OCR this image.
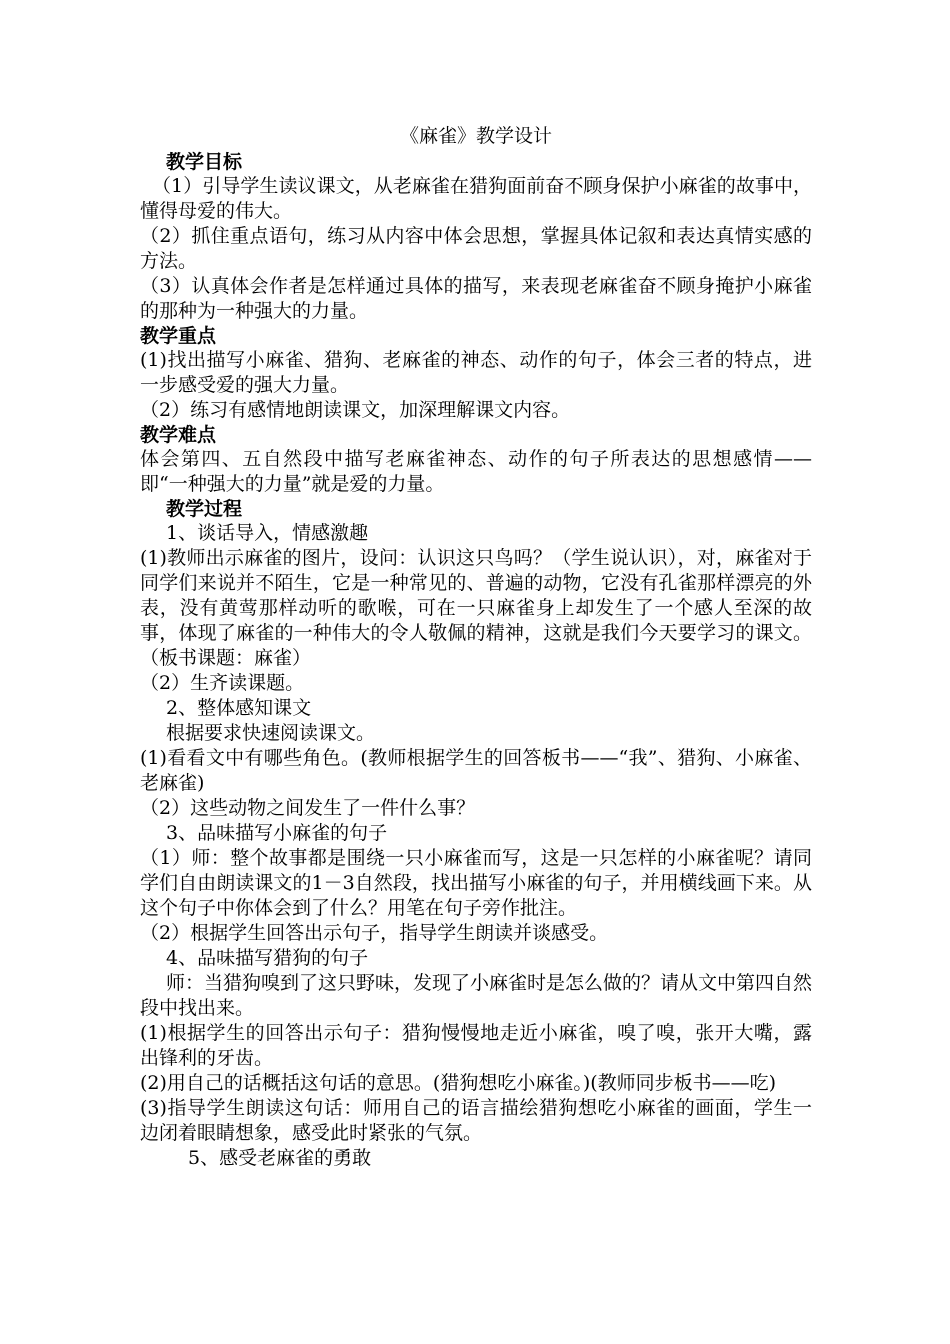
《麻雀》教学设计
教学目标

（1）引导学生读议课文，从老麻雀在猎狗面前奋不顾身保护小麻雀的故事中，懂得母爱的伟大。

（2）抓住重点语句，练习从内容中体会思想，掌握具体记叙和表达真情实感的方法。

（3）认真体会作者是怎样通过具体的描写，来表现老麻雀奋不顾身掩护小麻雀的那种为一种强大的力量。

教学重点

(1)找出描写小麻雀、猎狗、老麻雀的神态、动作的句子，体会三者的特点，进一步感受爱的强大力量。

（2）练习有感情地朗读课文，加深理解课文内容。

教学难点

体会第四、五自然段中描写老麻雀神态、动作的句子所表达的思想感情——即“一种强大的力量”就是爱的力量。

教学过程

1、谈话导入，情感激趣

(1)教师出示麻雀的图片，设问：认识这只鸟吗？（学生说认识），对，麻雀对于同学们来说并不陌生，它是一种常见的、普遍的动物，它没有孔雀那样漂亮的外表，没有黄莺那样动听的歌喉，可在一只麻雀身上却发生了一个感人至深的故事，体现了麻雀的一种伟大的令人敬佩的精神，这就是我们今天要学习的课文。（板书课题：麻雀）

（2）生齐读课题。

2、整体感知课文

根据要求快速阅读课文。

(1)看看文中有哪些角色。(教师根据学生的回答板书——“我”、猎狗、小麻雀、老麻雀)

（2）这些动物之间发生了一件什么事？

3、品味描写小麻雀的句子

（1）师：整个故事都是围绕一只小麻雀而写，这是一只怎样的小麻雀呢？请同学们自由朗读课文的1－3自然段，找出描写小麻雀的句子，并用横线画下来。从这个句子中你体会到了什么？用笔在句子旁作批注。

（2）根据学生回答出示句子，指导学生朗读并谈感受。

4、品味描写猎狗的句子

师：当猎狗嗅到了这只野味，发现了小麻雀时是怎么做的？请从文中第四自然段中找出来。

(1)根据学生的回答出示句子：猎狗慢慢地走近小麻雀，嗅了嗅，张开大嘴，露出锋利的牙齿。

(2)用自己的话概括这句话的意思。(猎狗想吃小麻雀。)(教师同步板书——吃)

(3)指导学生朗读这句话：师用自己的语言描绘猎狗想吃小麻雀的画面，学生一边闭着眼睛想象，感受此时紧张的气氛。

5、感受老麻雀的勇敢
